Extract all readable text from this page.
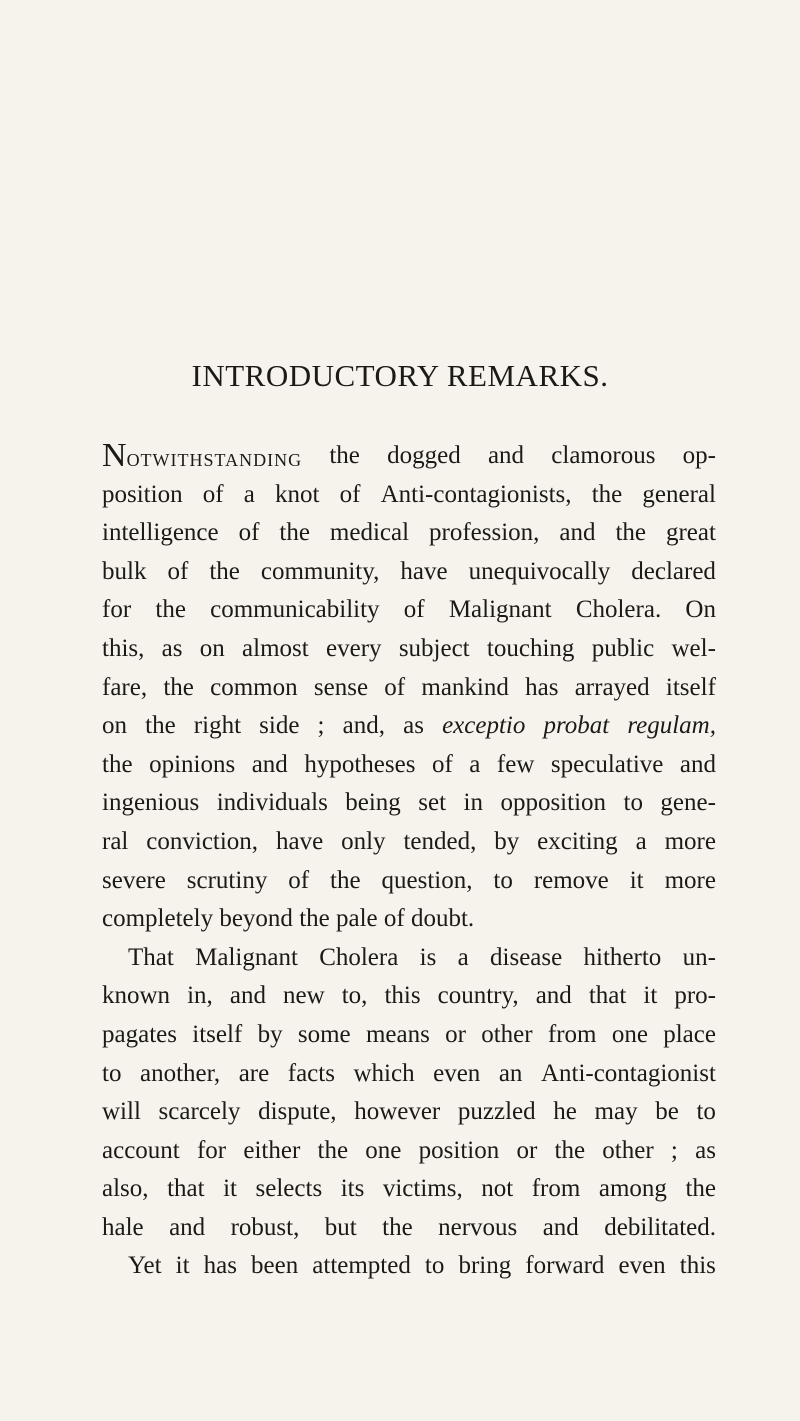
INTRODUCTORY REMARKS.
Notwithstanding the dogged and clamorous op-
position of a knot of Anti-contagionists, the general
intelligence of the medical profession, and the great
bulk of the community, have unequivocally declared
for the communicability of Malignant Cholera. On
this, as on almost every subject touching public wel-
fare, the common sense of mankind has arrayed itself
on the right side ; and, as exceptio probat regulam,
the opinions and hypotheses of a few speculative and
ingenious individuals being set in opposition to gene-
ral conviction, have only tended, by exciting a more
severe scrutiny of the question, to remove it more
completely
beyond
the
pale
of
doubt.
That Malignant Cholera is a disease hitherto un-
known in, and new to, this country, and that it pro-
pagates itself by some means or other from one place
to another, are facts which even an Anti-contagionist
will scarcely dispute, however puzzled he may be to
account for either the one position or the other ; as
also, that it selects its victims, not from among the
hale and robust, but the nervous and debilitated.
Yet it has been attempted to bring forward even this
